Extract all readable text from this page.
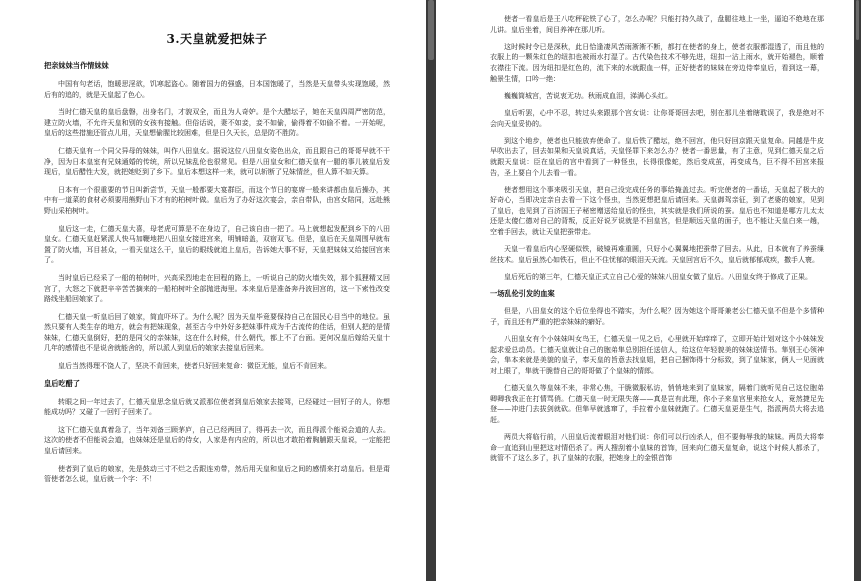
3.天皇就爱把妹子
把亲妹妹当作情妹妹

中国有句老话，饱暖思淫欲，饥寒起盗心。随着国力的强盛，日本国饱暖了，当然是天皇带头实现饱暖，然后有的追的，就是天皇起了色心。

当时仁德天皇的皇后盘磐，出身名门，才貌双全，而且为人奇妒。是个大醋坛子，她在天皇四周严密防范，建立防火墙，不允许天皇和别的女孩有接触。但俗话说，妻不如妾，妾不如偷，偷得着不如偷不着。一开始呢，皇后的这些措施还管点儿用，天皇想偷腥比较困难，但是日久天长，总是防不胜防。

仁德天皇有一个同父异母的妹妹，叫作八田皇女。据说这位八田皇女姿色出众，而且跟自己的哥哥早就不干净，因为日本皇室有兄妹通婚的传统，所以兄妹乱伦也很常见。但是八田皇女和仁德天皇有一腿的事儿被皇后发现后，皇后醋性大发，就把她贬到了乡下。皇后本想这样一来，就可以斩断了兄妹情丝，但人算不如天算。

日本有一个很重要的节日叫新尝节，天皇一般都要大宴群臣，而这个节日的宴席一般来讲都由皇后操办，其中有一道菜的食材必须要用熊野山下才有的柏树叶做。皇后为了办好这次宴会，亲自带队，由宫女陪同，远赴熊野山采柏树叶。

皇后这一走，仁德天皇大喜，母老虎可算是不在身边了，自己该自由一把了。马上就想起发配到乡下的八田皇女。仁德天皇赶紧派人快马加鞭地把八田皇女接进宫来，明铺暗盖，双宿双飞。但是，皇后在天皇周围早就布置了防火墙，耳目甚众，一看天皇这么干，皇后的眼线就追上皇后，告诉她大事不好，天皇把妹妹又给接回宫来了。

当时皇后已经采了一船的柏树叶，兴高采烈地走在回程的路上，一听说自己的防火墙失效，那个狐狸精又回宫了，大怒之下就把辛辛苦苦摘来的一船柏树叶全部抛进海里。本来皇后是准备奔丹波回宫的，这一下索性改变路线坐船回娘家了。

仁德天皇一听皇后回了娘家，简直吓坏了。为什么呢？因为天皇毕竟要保持自己在国民心目当中的地位。虽然只要有人类生存的地方，就会有把妹现象，甚至古今中外好多把妹事件成为千古流传的佳话，但别人把的是情妹妹，仁德天皇倒好，把的是同父的亲妹妹，这在什么时候，什么朝代，都上不了台面。更何况皇后嫁给天皇十几年的感情也不是说舍就能舍的，所以派人到皇后的娘家去接皇后回来。

皇后当然得理不饶人了，坚决不肯回来，使者只好回来复命：微臣无能，皇后不肯回来。

皇后吃醋了

转眼之间一年过去了，仁德天皇思念皇后就又派那位使者到皇后娘家去接驾，已经碰过一回钉子的人，你想能成功吗？又碰了一回钉子回来了。

这下仁德天皇真着急了，当年刘备三顾茅庐，自己已经两回了，得再去一次，而且得派个能说会道的人去。这次的使者不但能说会道，也妹妹还是皇后的侍女，人家是有内应的，所以也才敢拍着胸脯跟天皇说，一定能把皇后请回来。

使者到了皇后的娘家，先是鼓动三寸不烂之舌跟连劝带，然后用天皇和皇后之间的感情来打动皇后。但是甭管使者怎么说，皇后就一个字：不！

使者一看皇后是王八吃秤砣铁了心了，怎么办呢？只能打持久战了，盘腿往地上一坐，逼迫不绝地在那儿讲。皇后坐着，间目养神在那儿听。

这时候时令已是深秋，此日恰逢凄风苦雨淅淅不断，都打在使者的身上，使者衣服都湿透了，而且他的衣服上的一颗朱红色的纽扣也被雨水打湿了。古代染色技术不够先进，纽扣一沾上雨水，就开始褪色，顺着衣襟往下流。因为纽扣是红色的，流下来的水就跟血一样，正好使者的妹妹在旁边侍奉皇后，看到这一幕，触景生情，口吟一绝：

巍巍筒城宫，苦说衷无功。秋雨成血泪，涕满心头红。

皇后听罢，心中不忍，转过头来跟那个宫女说：让你哥哥回去吧，别在那儿坐着瞎耽误了，我是绝对不会向天皇妥协的。

到这个地步，使者也只能放弃使命了。皇后铁了醋坛，绝不回宫，他只好回京跟天皇复命。同越是牛皮早吹出去了，回去如果和天皇说真话，天皇怪罪下来怎么办？使者一番思量，有了主意，见到仁德天皇之后就跟天皇说：臣在皇后的宫中看到了一种怪虫，长得很像蛇，然后变成茧，再变成鸟，巨不得不回宫来报告，圣上要自个儿去看一看。

使者想用这个事来吸引天皇，把自己没完成任务的事给掩盖过去。听完使者的一番话，天皇起了极大的好奇心，当即决定亲自去看一下这个怪虫，当然更想把皇后请回来。天皇御驾亲征，到了老婆的娘家，见到了皇后，也见到了百济国王子秘密赠送给皇后的怪虫，其实就是我们所说的蚕。皇后也不知道是哪方儿太太还是太傻仁德对自己的背叛，反正好说歹说就是不回皇宫，但是顺远天皇的面子，也不能让天皇白来一趟，空着手回去，就让天皇把蚕带走。

天皇一看皇后内心坚硬似铁，破镜再难重圆，只好小心翼翼地把蚕带了回去。从此，日本就有了养蚕缫丝技术。皇后虽然心如铁石，但止不住忧郁的眼泪天天流。天皇回宫后不久，皇后就郁郁成疾，撒手人寰。

皇后死后的第三年，仁德天皇正式立自己心爱的妹妹八田皇女做了皇后。八田皇女终于修成了正果。

一场乱伦引发的血案

但是，八田皇女的这个后位坐得也不踏实，为什么呢？因为她这个哥哥兼老公仁德天皇不但是个多情种子，而且还有严重的把亲妹妹的癖好。

八田皇女有个小妹妹叫女鸟王，仁德天皇一见之后，心里就开始痒痒了，立即开始计划对这个小妹妹发起求爱总动员。仁德天皇就让自己的胞弟隼总别担任送信人，给这位年轻貌美的妹妹送情书。隼别王心领神会，隼本来就是美貌的皇子，奉天皇的旨意去找皇姐，把自己捆饰得十分标致，到了皇妹家，俩人一见面就对上眼了，隼就干脆替自己的哥哥做了个皇妹的情郎。

仁德天皇久等皇妹不来，非常心焦，干脆微服私访，悄悄地来到了皇妹家，隔着门就听见自己这位胞弟卿卿我我正在打情骂俏。仁德天皇一时无限失落——真是岂有此理，你小子来皇宫里来抢女人，竟然捷足先登——冲进门去拔剑就砍。但隼早就逃窜了，手拉着小皇妹就跑了。仁德天皇更是生气，指派两员大将去追赶。

两员大将临行前，八田皇后流着眼泪对他们说：你们可以行凶杀人，但不要侮辱我的妹妹。两员大将奉命一直追到山里把这对情侣杀了。两人搜刮着小皇妹的首饰，回来向仁德天皇复命，说这个时候人都杀了，就管不了这么多了，扒了皇妹的衣服，把她身上的金银首饰
